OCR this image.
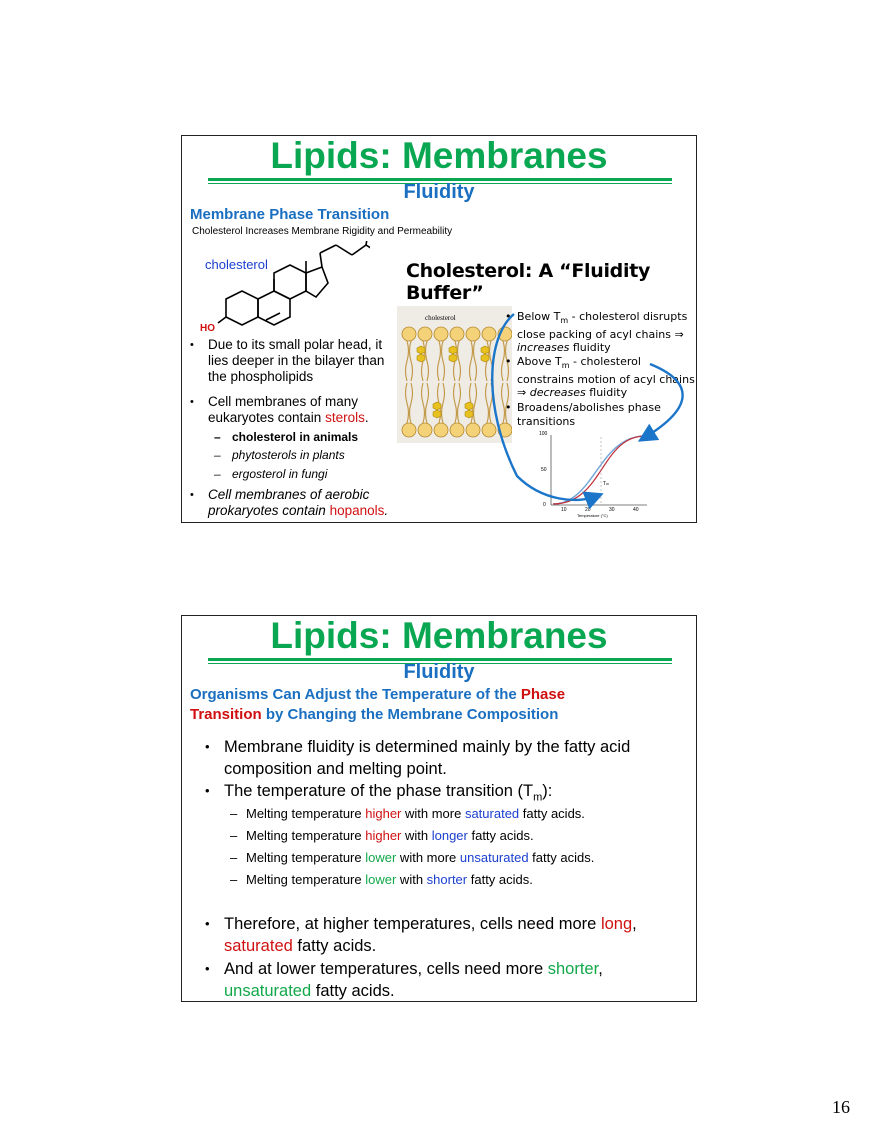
Lipids: Membranes
Fluidity
Membrane Phase Transition
Cholesterol Increases Membrane Rigidity and Permeability
cholesterol
HO
• Due to its small polar head, it lies deeper in the bilayer than the phospholipids
• Cell membranes of many eukaryotes contain sterols.
– cholesterol in animals
– phytosterols in plants
– ergosterol in fungi
• Cell membranes of aerobic prokaryotes contain hopanols.
Cholesterol: A “Fluidity Buffer”
cholesterol	• Below $T_m$ - cholesterol disrupts
close packing of acyl chains ⇒
increases fluidity
• Above $T_m$ - cholesterol
constrains motion of acyl chains
⇒ decreases fluidity
• Broadens/abolishes phase
transitions
100
50
0
10	20	30	40
Temperature (°C)
Tₘ
Lipids: Membranes
Fluidity
Organisms Can Adjust the Temperature of the Phase
Transition by Changing the Membrane Composition
• Membrane fluidity is determined mainly by the fatty acid composition and melting point.
• The temperature of the phase transition $(T_m)$:
– Melting temperature higher with more saturated fatty acids.
– Melting temperature higher with longer fatty acids.
– Melting temperature lower with more unsaturated fatty acids.
– Melting temperature lower with shorter fatty acids.
• Therefore, at higher temperatures, cells need more long,
saturated fatty acids.
• And at lower temperatures, cells need more shorter,
unsaturated fatty acids.
16
